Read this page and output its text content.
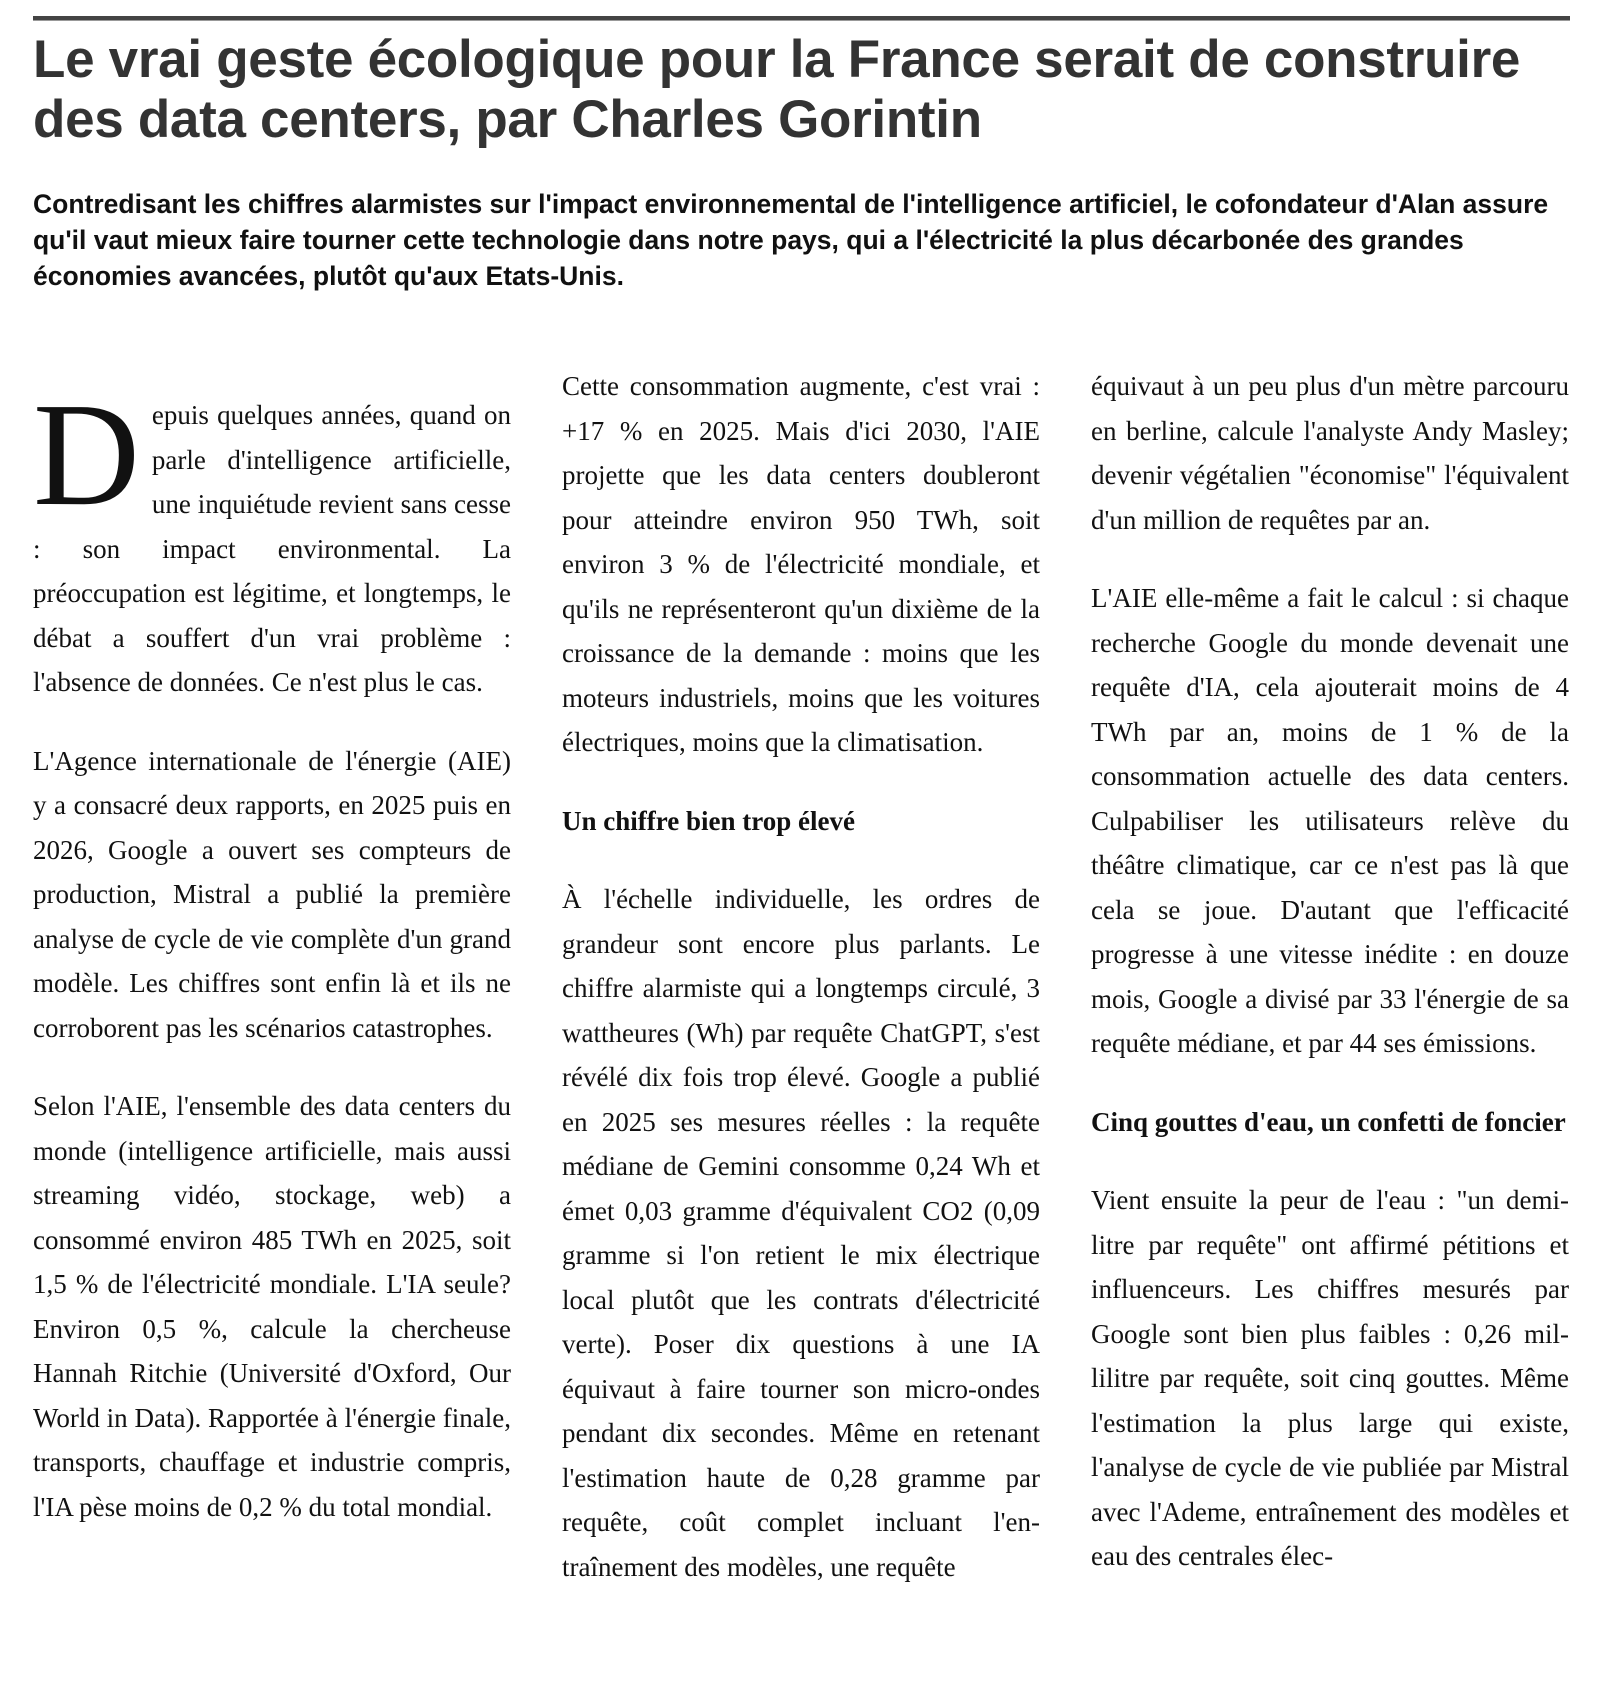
Le vrai geste écologique pour la France serait de construire des data centers, par Charles Gorintin

Contredisant les chiffres alarmistes sur l'impact environnemental de l'intelligence artificiel, le cofondateur d'Alan assure qu'il vaut mieux faire tourner cette technologie dans notre pays, qui a l'électricité la plus décarbonée des grandes économies avancées, plutôt qu'aux Etats-Unis.

Depuis quelques années, quand on parle d'intelligence artificielle, une inquiétude revient sans cesse : son impact environmental. La préoccupation est légitime, et longtemps, le débat a souffert d'un vrai problème : l'absence de données. Ce n'est plus le cas.

L'Agence internationale de l'énergie (AIE) y a consacré deux rapports, en 2025 puis en 2026, Google a ouvert ses compteurs de production, Mistral a publié la première analyse de cycle de vie complète d'un grand modèle. Les chiffres sont enfin là et ils ne corroborent pas les scénarios catastrophes.

Selon l'AIE, l'ensemble des data centers du monde (intelligence artificielle, mais aussi streaming vidéo, stockage, web) a consommé environ 485 TWh en 2025, soit 1,5 % de l'électricité mondiale. L'IA seule? Environ 0,5 %, calcule la chercheuse Hannah Ritchie (Université d'Oxford, Our World in Data). Rapportée à l'énergie finale, transports, chauffage et industrie compris, l'IA pèse moins de 0,2 % du total mondial.

Cette consommation augmente, c'est vrai : +17 % en 2025. Mais d'ici 2030, l'AIE projette que les data centers doubleront pour atteindre environ 950 TWh, soit environ 3 % de l'électricité mondiale, et qu'ils ne représenteront qu'un dixième de la croissance de la demande : moins que les moteurs industriels, moins que les voitures électriques, moins que la climatisation.

Un chiffre bien trop élevé

À l'échelle individuelle, les ordres de grandeur sont encore plus parlants. Le chiffre alarmiste qui a longtemps circulé, 3 wattheures (Wh) par requête ChatGPT, s'est révélé dix fois trop élevé. Google a publié en 2025 ses mesures réelles : la requête médiane de Gemini consomme 0,24 Wh et émet 0,03 gramme d'équivalent CO2 (0,09 gramme si l'on retient le mix électrique local plutôt que les contrats d'électricité verte). Poser dix questions à une IA équivaut à faire tourner son micro-ondes pendant dix secondes. Même en retenant l'estimation haute de 0,28 gramme par requête, coût complet incluant l'entraînement des modèles, une requête

équivaut à un peu plus d'un mètre parcouru en berline, calcule l'analyste Andy Masley; devenir végétalien "économise" l'équivalent d'un million de requêtes par an.

L'AIE elle-même a fait le calcul : si chaque recherche Google du monde devenait une requête d'IA, cela ajouterait moins de 4 TWh par an, moins de 1 % de la consommation actuelle des data centers. Culpabiliser les utilisateurs relève du théâtre climatique, car ce n'est pas là que cela se joue. D'autant que l'efficacité progresse à une vitesse inédite : en douze mois, Google a divisé par 33 l'énergie de sa requête médiane, et par 44 ses émissions.

Cinq gouttes d'eau, un confetti de foncier

Vient ensuite la peur de l'eau : "un demi-litre par requête" ont affirmé pétitions et influenceurs. Les chiffres mesurés par Google sont bien plus faibles : 0,26 millilitre par requête, soit cinq gouttes. Même l'estimation la plus large qui existe, l'analyse de cycle de vie publiée par Mistral avec l'Ademe, entraînement des modèles et eau des centrales élec-
